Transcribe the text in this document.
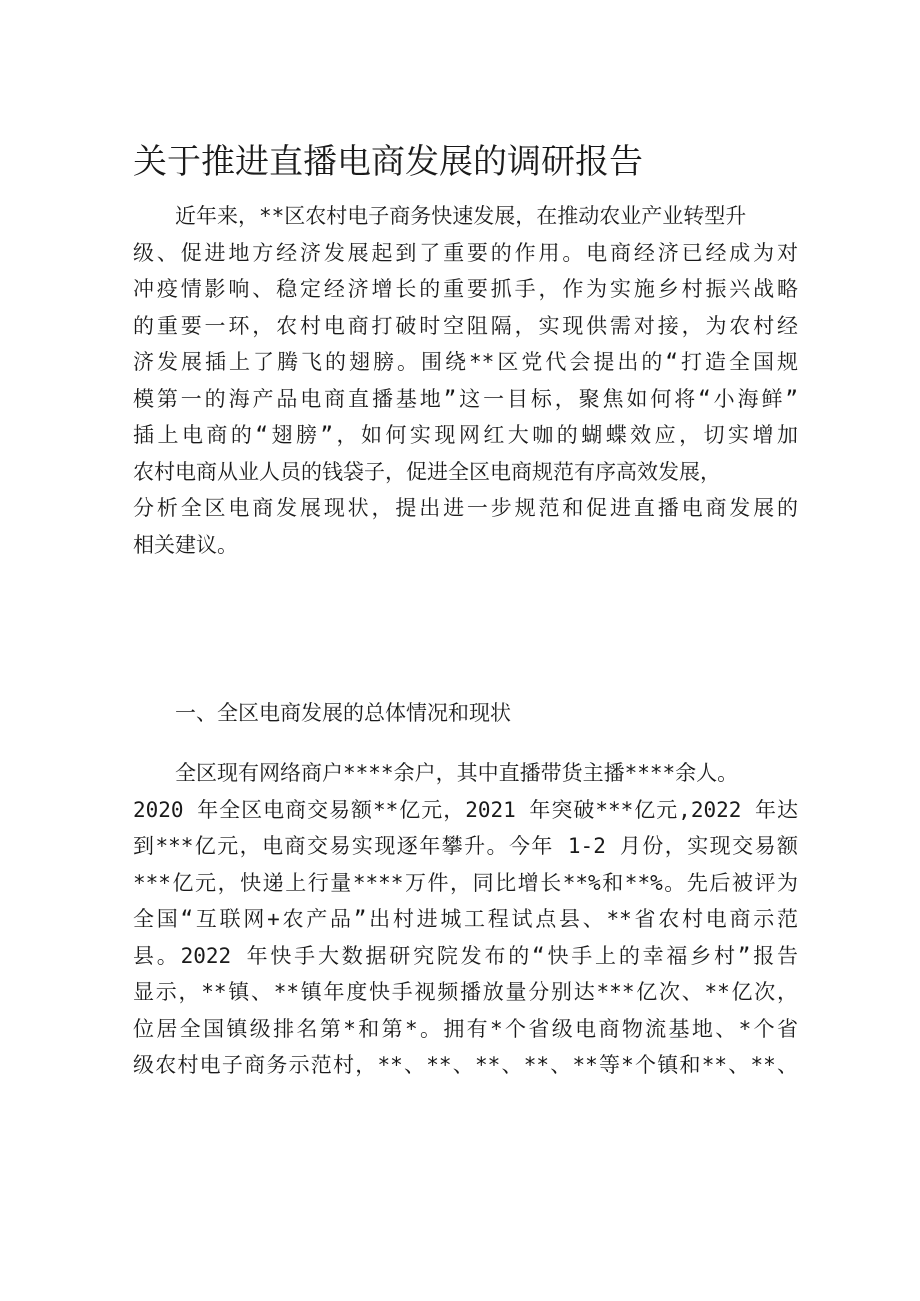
关于推进直播电商发展的调研报告
近年来，**区农村电子商务快速发展，在推动农业产业转型升
级、促进地方经济发展起到了重要的作用。电商经济已经成为对
冲疫情影响、稳定经济增长的重要抓手，作为实施乡村振兴战略
的重要一环，农村电商打破时空阻隔，实现供需对接，为农村经
济发展插上了腾飞的翅膀。围绕**区党代会提出的“打造全国规
模第一的海产品电商直播基地”这一目标，聚焦如何将“小海鲜”
插上电商的“翅膀”，如何实现网红大咖的蝴蝶效应，切实增加
农村电商从业人员的钱袋子，促进全区电商规范有序高效发展，
分析全区电商发展现状，提出进一步规范和促进直播电商发展的
相关建议。
一、全区电商发展的总体情况和现状
全区现有网络商户****余户，其中直播带货主播****余人。
2020 年全区电商交易额**亿元，2021 年突破***亿元,2022 年达
到***亿元，电商交易实现逐年攀升。今年 1-2 月份，实现交易额
***亿元，快递上行量****万件，同比增长**%和**%。先后被评为
全国“互联网+农产品”出村进城工程试点县、**省农村电商示范
县。2022 年快手大数据研究院发布的“快手上的幸福乡村”报告
显示，**镇、**镇年度快手视频播放量分别达***亿次、**亿次，
位居全国镇级排名第*和第*。拥有*个省级电商物流基地、*个省
级农村电子商务示范村，**、**、**、**、**等*个镇和**、**、
